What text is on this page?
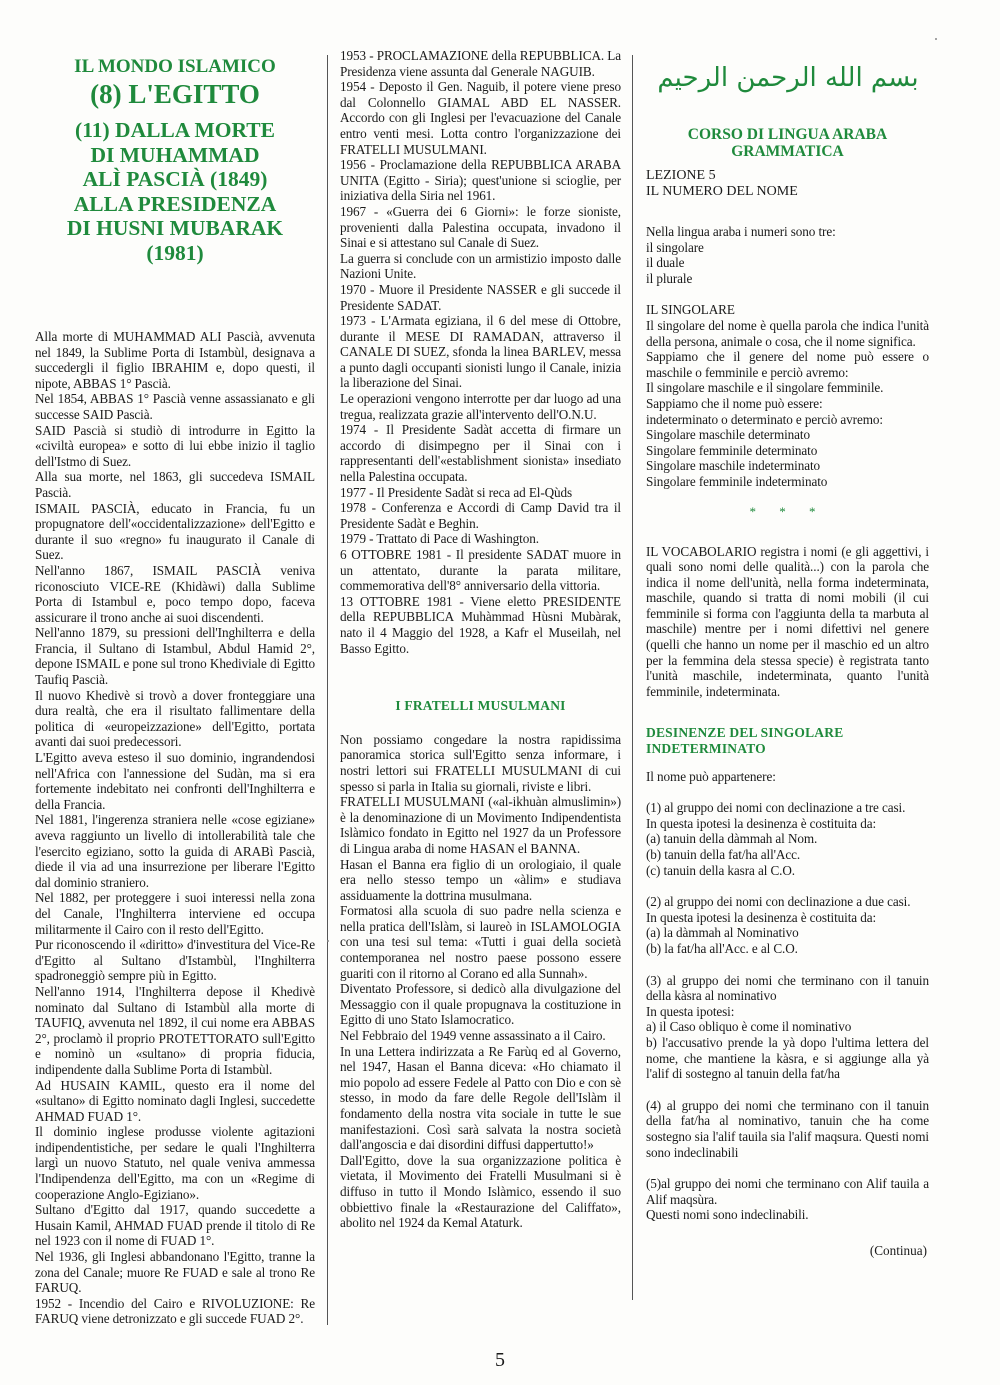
IL MONDO ISLAMICO
(8) L'EGITTO
(11) DALLA MORTE
DI MUHAMMAD
ALÌ PASCIÀ (1849)
ALLA PRESIDENZA
DI HUSNI MUBARAK
(1981)

Alla morte di MUHAMMAD ALI Pascià, avvenuta nel 1849, la Sublime Porta di Istambùl, designava a succedergli il figlio IBRAHIM e, dopo questi, il nipote, ABBAS 1° Pascià.
Nel 1854, ABBAS 1° Pascià venne assassianato e gli successe SAID Pascià.
SAID Pascià si studiò di introdurre in Egitto la «civiltà europea» e sotto di lui ebbe inizio il taglio dell'Istmo di Suez.
Alla sua morte, nel 1863, gli succedeva ISMAIL Pascià.
ISMAIL PASCIÀ, educato in Francia, fu un propugnatore dell'«occidentalizzazione» dell'Egitto e durante il suo «regno» fu inaugurato il Canale di Suez.
Nell'anno 1867, ISMAIL PASCIÀ veniva riconosciuto VICE-RE (Khidàwi) dalla Sublime Porta di Istambul e, poco tempo dopo, faceva assicurare il trono anche ai suoi discendenti.
Nell'anno 1879, su pressioni dell'Inghilterra e della Francia, il Sultano di Istambul, Abdul Hamid 2°, depone ISMAIL e pone sul trono Khediviale di Egitto Taufiq Pascià.
Il nuovo Khedivè si trovò a dover fronteggiare una dura realtà, che era il risultato fallimentare della politica di «europeizzazione» dell'Egitto, portata avanti dai suoi predecessori.
L'Egitto aveva esteso il suo dominio, ingrandendosi nell'Africa con l'annessione del Sudàn, ma si era fortemente indebitato nei confronti dell'Inghilterra e della Francia.
Nel 1881, l'ingerenza straniera nelle «cose egiziane» aveva raggiunto un livello di intollerabilità tale che l'esercito egiziano, sotto la guida di ARABì Pascià, diede il via ad una insurrezione per liberare l'Egitto dal dominio straniero.
Nel 1882, per proteggere i suoi interessi nella zona del Canale, l'Inghilterra interviene ed occupa militarmente il Cairo con il resto dell'Egitto.
Pur riconoscendo il «diritto» d'investitura del Vice-Re d'Egitto al Sultano d'Istambùl, l'Inghilterra spadroneggiò sempre più in Egitto.
Nell'anno 1914, l'Inghilterra depose il Khedivè nominato dal Sultano di Istambùl alla morte di TAUFIQ, avvenuta nel 1892, il cui nome era ABBAS 2°, proclamò il proprio PROTETTORATO sull'Egitto e nominò un «sultano» di propria fiducia, indipendente dalla Sublime Porta di Istambùl.
Ad HUSAIN KAMIL, questo era il nome del «sultano» di Egitto nominato dagli Inglesi, succedette AHMAD FUAD 1°.
Il dominio inglese produsse violente agitazioni indipendentistiche, per sedare le quali l'Inghilterra largì un nuovo Statuto, nel quale veniva ammessa l'Indipendenza dell'Egitto, ma con un «Regime di cooperazione Anglo-Egiziano».
Sultano d'Egitto dal 1917, quando succedette a Husain Kamil, AHMAD FUAD prende il titolo di Re nel 1923 con il nome di FUAD 1°.
Nel 1936, gli Inglesi abbandonano l'Egitto, tranne la zona del Canale; muore Re FUAD e sale al trono Re FARUQ.
1952 - Incendio del Cairo e RIVOLUZIONE: Re FARUQ viene detronizzato e gli succede FUAD 2°.

1953 - PROCLAMAZIONE della REPUBBLICA. La Presidenza viene assunta dal Generale NAGUIB.
1954 - Deposto il Gen. Naguib, il potere viene preso dal Colonnello GIAMAL ABD EL NASSER. Accordo con gli Inglesi per l'evacuazione del Canale entro venti mesi. Lotta contro l'organizzazione dei FRATELLI MUSULMANI.
1956 - Proclamazione della REPUBBLICA ARABA UNITA (Egitto - Siria); quest'unione si scioglie, per iniziativa della Siria nel 1961.
1967 - «Guerra dei 6 Giorni»: le forze sioniste, provenienti dalla Palestina occupata, invadono il Sinai e si attestano sul Canale di Suez.
La guerra si conclude con un armistizio imposto dalle Nazioni Unite.
1970 - Muore il Presidente NASSER e gli succede il Presidente SADAT.
1973 - L'Armata egiziana, il 6 del mese di Ottobre, durante il MESE DI RAMADAN, attraverso il CANALE DI SUEZ, sfonda la linea BARLEV, messa a punto dagli occupanti sionisti lungo il Canale, inizia la liberazione del Sinai.
Le operazioni vengono interrotte per dar luogo ad una tregua, realizzata grazie all'intervento dell'O.N.U.
1974 - Il Presidente Sadàt accetta di firmare un accordo di disimpegno per il Sinai con i rappresentanti dell'«establishment sionista» insediato nella Palestina occupata.
1977 - Il Presidente Sadàt si reca ad El-Qùds
1978 - Conferenza e Accordi di Camp David tra il Presidente Sadàt e Beghin.
1979 - Trattato di Pace di Washington.
6 OTTOBRE 1981 - Il presidente SADAT muore in un attentato, durante la parata militare, commemorativa dell'8° anniversario della vittoria.
13 OTTOBRE 1981 - Viene eletto PRESIDENTE della REPUBBLICA Muhàmmad Hùsni Mubàrak, nato il 4 Maggio del 1928, a Kafr el Museilah, nel Basso Egitto.

I FRATELLI MUSULMANI

Non possiamo congedare la nostra rapidissima panoramica storica sull'Egitto senza informare, i nostri lettori sui FRATELLI MUSULMANI di cui spesso si parla in Italia su giornali, riviste e libri.
FRATELLI MUSULMANI («al-ikhuàn almuslimin») è la denominazione di un Movimento Indipendentista Islàmico fondato in Egitto nel 1927 da un Professore di Lingua araba di nome HASAN el BANNA.
Hasan el Banna era figlio di un orologiaio, il quale era nello stesso tempo un «àlim» e studiava assiduamente la dottrina musulmana.
Formatosi alla scuola di suo padre nella scienza e nella pratica dell'Islàm, si laureò in ISLAMOLOGIA con una tesi sul tema: «Tutti i guai della società contemporanea nel nostro paese possono essere guariti con il ritorno al Corano ed alla Sunnah».
Diventato Professore, si dedicò alla divulgazione del Messaggio con il quale propugnava la costituzione in Egitto di uno Stato Islamocratico.
Nel Febbraio del 1949 venne assassinato a il Cairo.
In una Lettera indirizzata a Re Farùq ed al Governo, nel 1947, Hasan el Banna diceva: «Ho chiamato il mio popolo ad essere Fedele al Patto con Dio e con sè stesso, in modo da fare delle Regole dell'Islàm il fondamento della nostra vita sociale in tutte le sue manifestazioni. Così sarà salvata la nostra società dall'angoscia e dai disordini diffusi dappertutto!»
Dall'Egitto, dove la sua organizzazione politica è vietata, il Movimento dei Fratelli Musulmani si è diffuso in tutto il Mondo Islàmico, essendo il suo obbiettivo finale la «Restaurazione del Califfato», abolito nel 1924 da Kemal Ataturk.

بسم الله الرحمن الرحيم
CORSO DI LINGUA ARABA
GRAMMATICA

LEZIONE 5
IL NUMERO DEL NOME

Nella lingua araba i numeri sono tre:
il singolare
il duale
il plurale

IL SINGOLARE

Il singolare del nome è quella parola che indica l'unità della persona, animale o cosa, che il nome significa.
Sappiamo che il genere del nome può essere o maschile o femminile e perciò avremo:
Il singolare maschile e il singolare femminile.
Sappiamo che il nome può essere:
indeterminato o determinato e perciò avremo:
Singolare maschile determinato
Singolare femminile determinato
Singolare maschile indeterminato
Singolare femminile indeterminato

* * *

IL VOCABOLARIO registra i nomi (e gli aggettivi, i quali sono nomi delle qualità...) con la parola che indica il nome dell'unità, nella forma indeterminata, maschile, quando si tratta di nomi mobili (il cui femminile si forma con l'aggiunta della ta marbuta al maschile) mentre per i nomi difettivi nel genere (quelli che hanno un nome per il maschio ed un altro per la femmina dela stessa specie) è registrata tanto l'unità maschile, indeterminata, quanto l'unità femminile, indeterminata.

DESINENZE DEL SINGOLARE
INDETERMINATO

Il nome può appartenere:

(1) al gruppo dei nomi con declinazione a tre casi.
In questa ipotesi la desinenza è costituita da:
(a) tanuin della dàmmah al Nom.
(b) tanuin della fat/ha all'Acc.
(c) tanuin della kasra al C.O.

(2) al gruppo dei nomi con declinazione a due casi.
In questa ipotesi la desinenza è costituita da:
(a) la dàmmah al Nominativo
(b) la fat/ha all'Acc. e al C.O.

(3) al gruppo dei nomi che terminano con il tanuin della kàsra al nominativo
In questa ipotesi:
a) il Caso obliquo è come il nominativo
b) l'accusativo prende la yà dopo l'ultima lettera del nome, che mantiene la kàsra, e si aggiunge alla yà l'alif di sostegno al tanuin della fat/ha

(4) al gruppo dei nomi che terminano con il tanuin della fat/ha al nominativo, tanuin che ha come sostegno sia l'alif tauila sia l'alif maqsura. Questi nomi sono indeclinabili

(5)al gruppo dei nomi che terminano con Alif tauila a Alif maqsùra.
Questi nomi sono indeclinabili.

(Continua)
5
